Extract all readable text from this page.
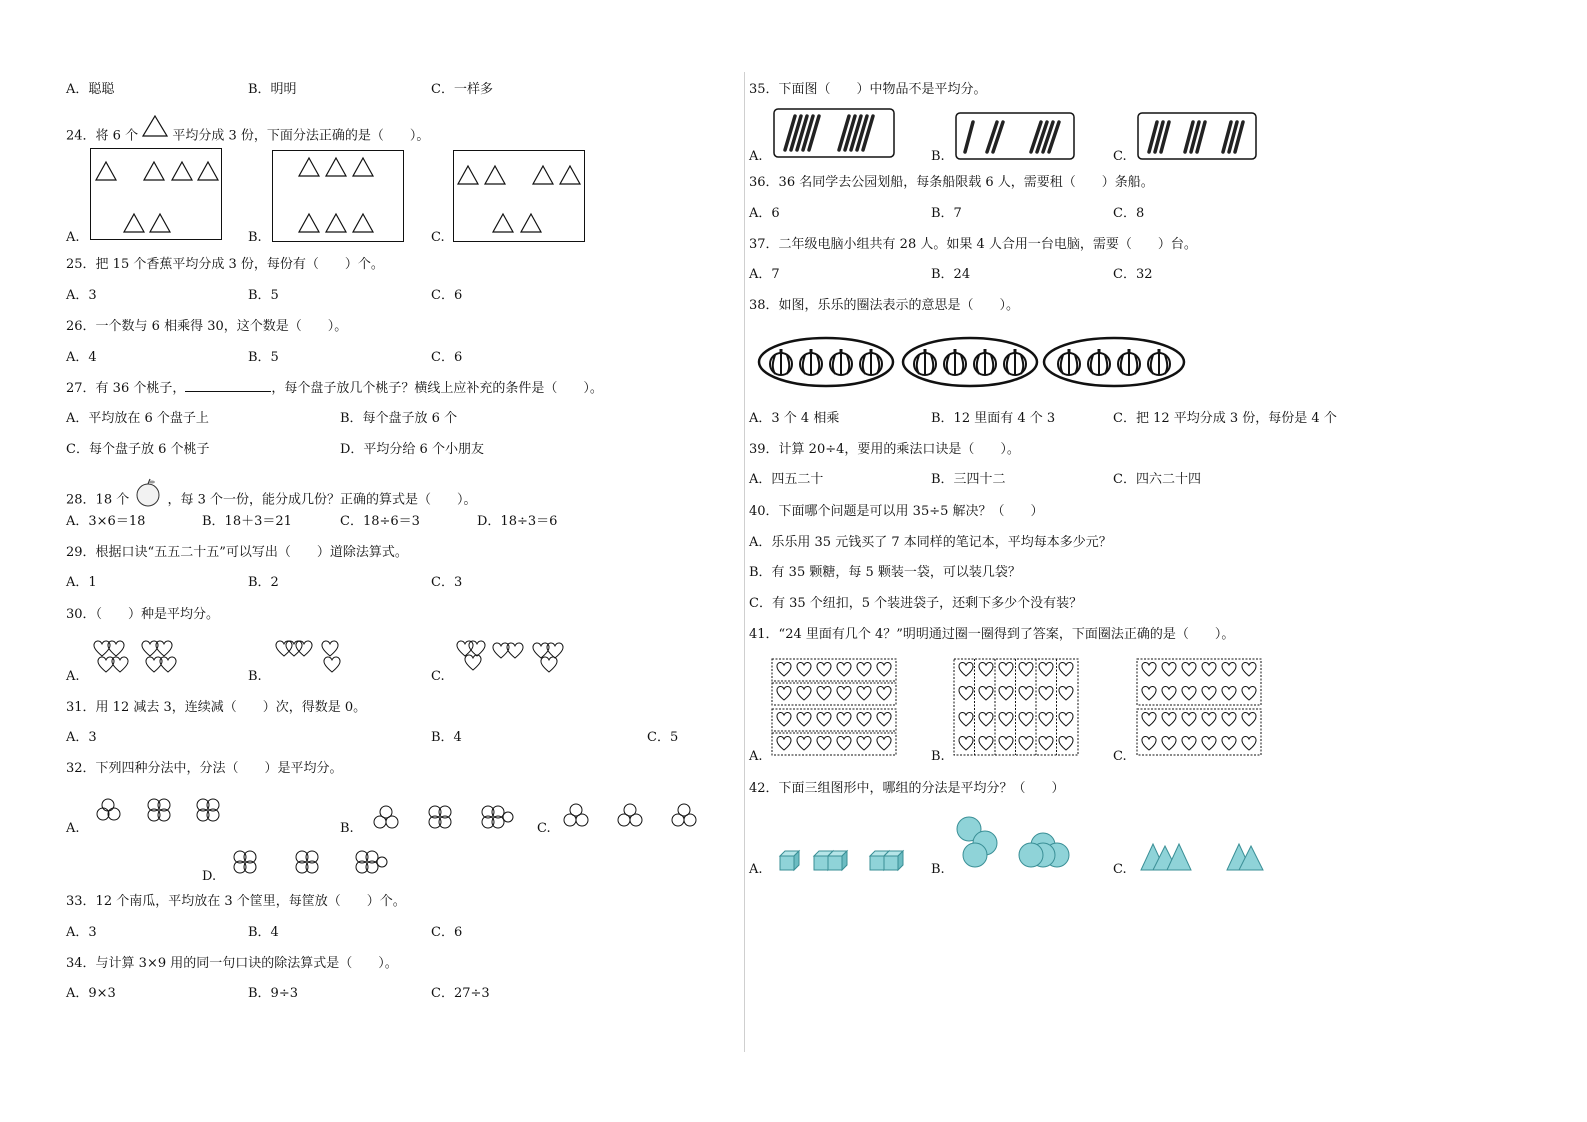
A．聪聪	B．明明	C．一样多
24．将 6 个	平均分成 3 份，下面分法正确的是（　　）。
A.	B.	C.
25．把 15 个香蕉平均分成 3 份，每份有（　　）个。
A．3	B．5	C．6
26．一个数与 6 相乘得 30，这个数是（　　）。
A．4	B．5	C．6
27．有 36 个桃子，	，每个盘子放几个桃子？横线上应补充的条件是（　　）。
A．平均放在 6 个盘子上	B．每个盘子放 6 个
C．每个盘子放 6 个桃子	D．平均分给 6 个小朋友
28．18 个	，每 3 个一份，能分成几份？正确的算式是（　　）。
A．3×6＝18	B．18＋3＝21	C．18÷6＝3	D．18÷3＝6
29．根据口诀“五五二十五”可以写出（　　）道除法算式。
A．1	B．2	C．3
30．（　　）种是平均分。
A.	B.	C.
31．用 12 减去 3，连续减（　　）次，得数是 0。
A．3	B．4	C．5
32．下列四种分法中，分法（　　）是平均分。
A.	B.	C.
D.
33．12 个南瓜，平均放在 3 个筐里，每筐放（　　）个。
A．3	B．4	C．6
34．与计算 3×9 用的同一句口诀的除法算式是（　　）。
A．9×3	B．9÷3	C．27÷3
35．下面图（　　）中物品不是平均分。
A.	B.	C.
36．36 名同学去公园划船，每条船限载 6 人，需要租（　　）条船。
A．6	B．7	C．8
37．二年级电脑小组共有 28 人。如果 4 人合用一台电脑，需要（　　）台。
A．7	B．24	C．32
38．如图，乐乐的圈法表示的意思是（　　）。
A．3 个 4 相乘	B．12 里面有 4 个 3	C．把 12 平均分成 3 份，每份是 4 个
39．计算 20÷4，要用的乘法口诀是（　　）。
A．四五二十	B．三四十二	C．四六二十四
40．下面哪个问题是可以用 35÷5 解决？（　　）
A．乐乐用 35 元钱买了 7 本同样的笔记本，平均每本多少元？
B．有 35 颗糖，每 5 颗装一袋，可以装几袋？
C．有 35 个纽扣，5 个装进袋子，还剩下多少个没有装？
41．“24 里面有几个 4？”明明通过圈一圈得到了答案，下面圈法正确的是（　　）。
A.	B.	C.
42．下面三组图形中，哪组的分法是平均分？（　　）
A.	B.	C.
